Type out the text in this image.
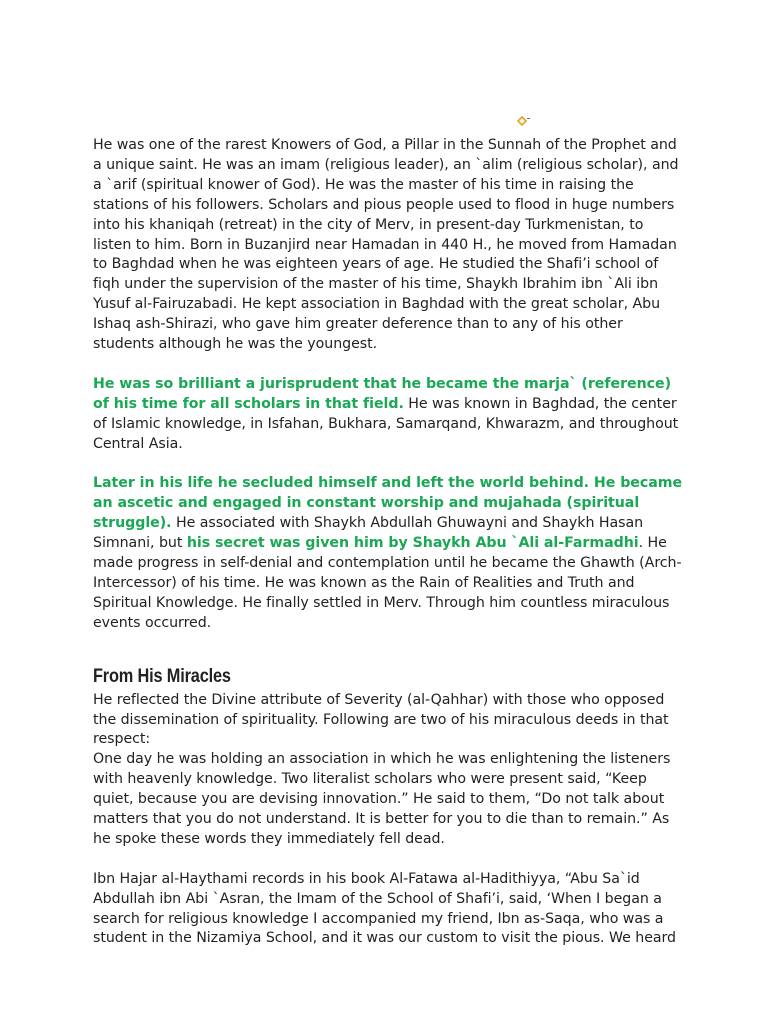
He was one of the rarest Knowers of God, a Pillar in the Sunnah of the Prophet and a unique saint. He was an imam (religious leader), an `alim (religious scholar), and a `arif (spiritual knower of God). He was the master of his time in raising the stations of his followers. Scholars and pious people used to flood in huge numbers into his khaniqah (retreat) in the city of Merv, in present-day Turkmenistan, to listen to him. Born in Buzanjird near Hamadan in 440 H., he moved from Hamadan to Baghdad when he was eighteen years of age. He studied the Shafi’i school of fiqh under the supervision of the master of his time, Shaykh Ibrahim ibn `Ali ibn Yusuf al-Fairuzabadi. He kept association in Baghdad with the great scholar, Abu Ishaq ash-Shirazi, who gave him greater deference than to any of his other students although he was the youngest.

He was so brilliant a jurisprudent that he became the marja` (reference) of his time for all scholars in that field. He was known in Baghdad, the center of Islamic knowledge, in Isfahan, Bukhara, Samarqand, Khwarazm, and throughout Central Asia.

Later in his life he secluded himself and left the world behind. He became an ascetic and engaged in constant worship and mujahada (spiritual struggle). He associated with Shaykh Abdullah Ghuwayni and Shaykh Hasan Simnani, but his secret was given him by Shaykh Abu `Ali al-Farmadhi. He made progress in self-denial and contemplation until he became the Ghawth (Arch-Intercessor) of his time. He was known as the Rain of Realities and Truth and Spiritual Knowledge. He finally settled in Merv. Through him countless miraculous events occurred.

From His Miracles

He reflected the Divine attribute of Severity (al-Qahhar) with those who opposed the dissemination of spirituality. Following are two of his miraculous deeds in that respect:

One day he was holding an association in which he was enlightening the listeners with heavenly knowledge. Two literalist scholars who were present said, “Keep quiet, because you are devising innovation.” He said to them, “Do not talk about matters that you do not understand. It is better for you to die than to remain.” As he spoke these words they immediately fell dead.

Ibn Hajar al-Haythami records in his book Al-Fatawa al-Hadithiyya, “Abu Sa`id Abdullah ibn Abi `Asran, the Imam of the School of Shafi’i, said, ‘When I began a search for religious knowledge I accompanied my friend, Ibn as-Saqa, who was a student in the Nizamiya School, and it was our custom to visit the pious. We heard
